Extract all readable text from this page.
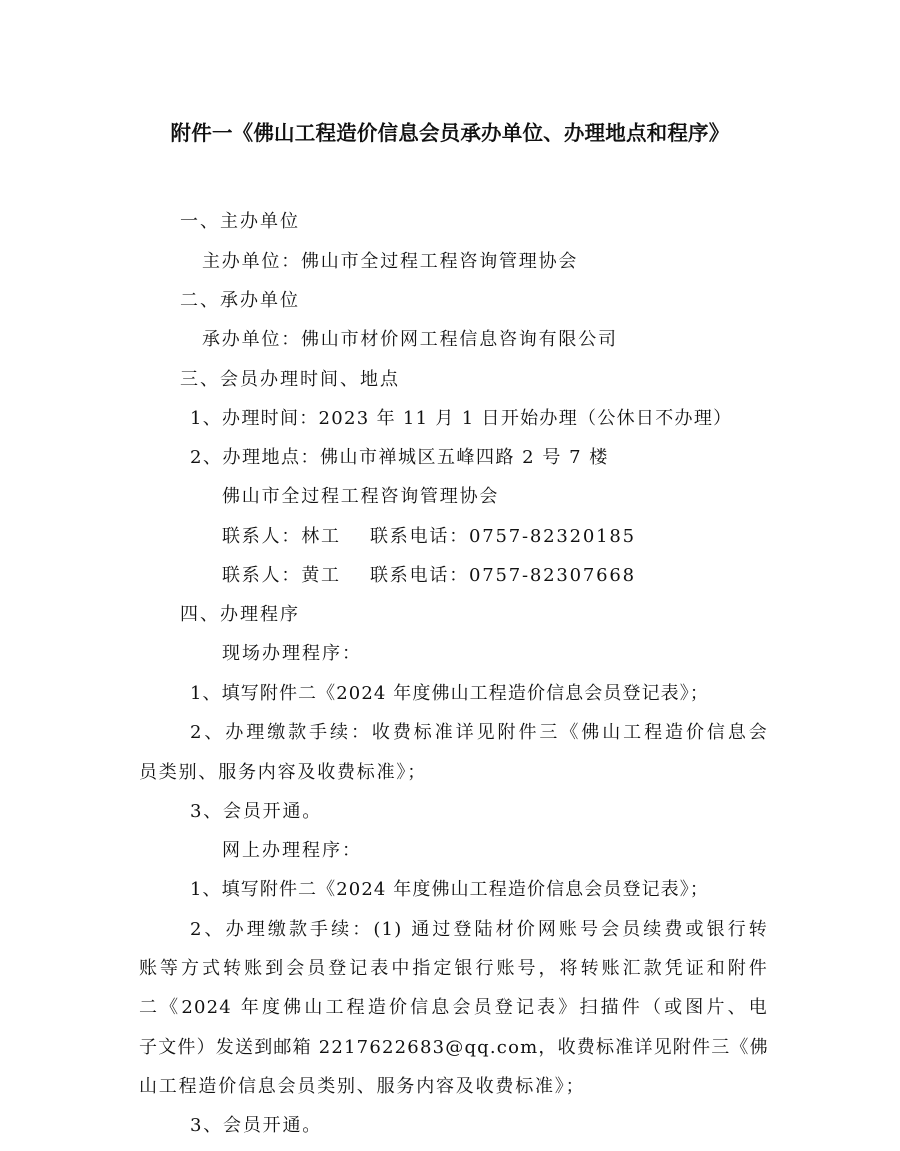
附件一《佛山工程造价信息会员承办单位、办理地点和程序》
一、主办单位
主办单位：佛山市全过程工程咨询管理协会
二、承办单位
承办单位：佛山市材价网工程信息咨询有限公司
三、会员办理时间、地点
1、办理时间：2023 年 11 月 1 日开始办理（公休日不办理）
2、办理地点：佛山市禅城区五峰四路 2 号 7 楼
佛山市全过程工程咨询管理协会
联系人：林工 联系电话：0757-82320185
联系人：黄工 联系电话：0757-82307668
四、办理程序
现场办理程序：
1、填写附件二《2024 年度佛山工程造价信息会员登记表》；
2、办理缴款手续：收费标准详见附件三《佛山工程造价信息会
员类别、服务内容及收费标准》；
3、会员开通。
网上办理程序：
1、填写附件二《2024 年度佛山工程造价信息会员登记表》；
2、办理缴款手续：(1) 通过登陆材价网账号会员续费或银行转
账等方式转账到会员登记表中指定银行账号，将转账汇款凭证和附件
二《2024 年度佛山工程造价信息会员登记表》扫描件（或图片、电
子文件）发送到邮箱 2217622683@qq.com，收费标准详见附件三《佛
山工程造价信息会员类别、服务内容及收费标准》；
3、会员开通。
